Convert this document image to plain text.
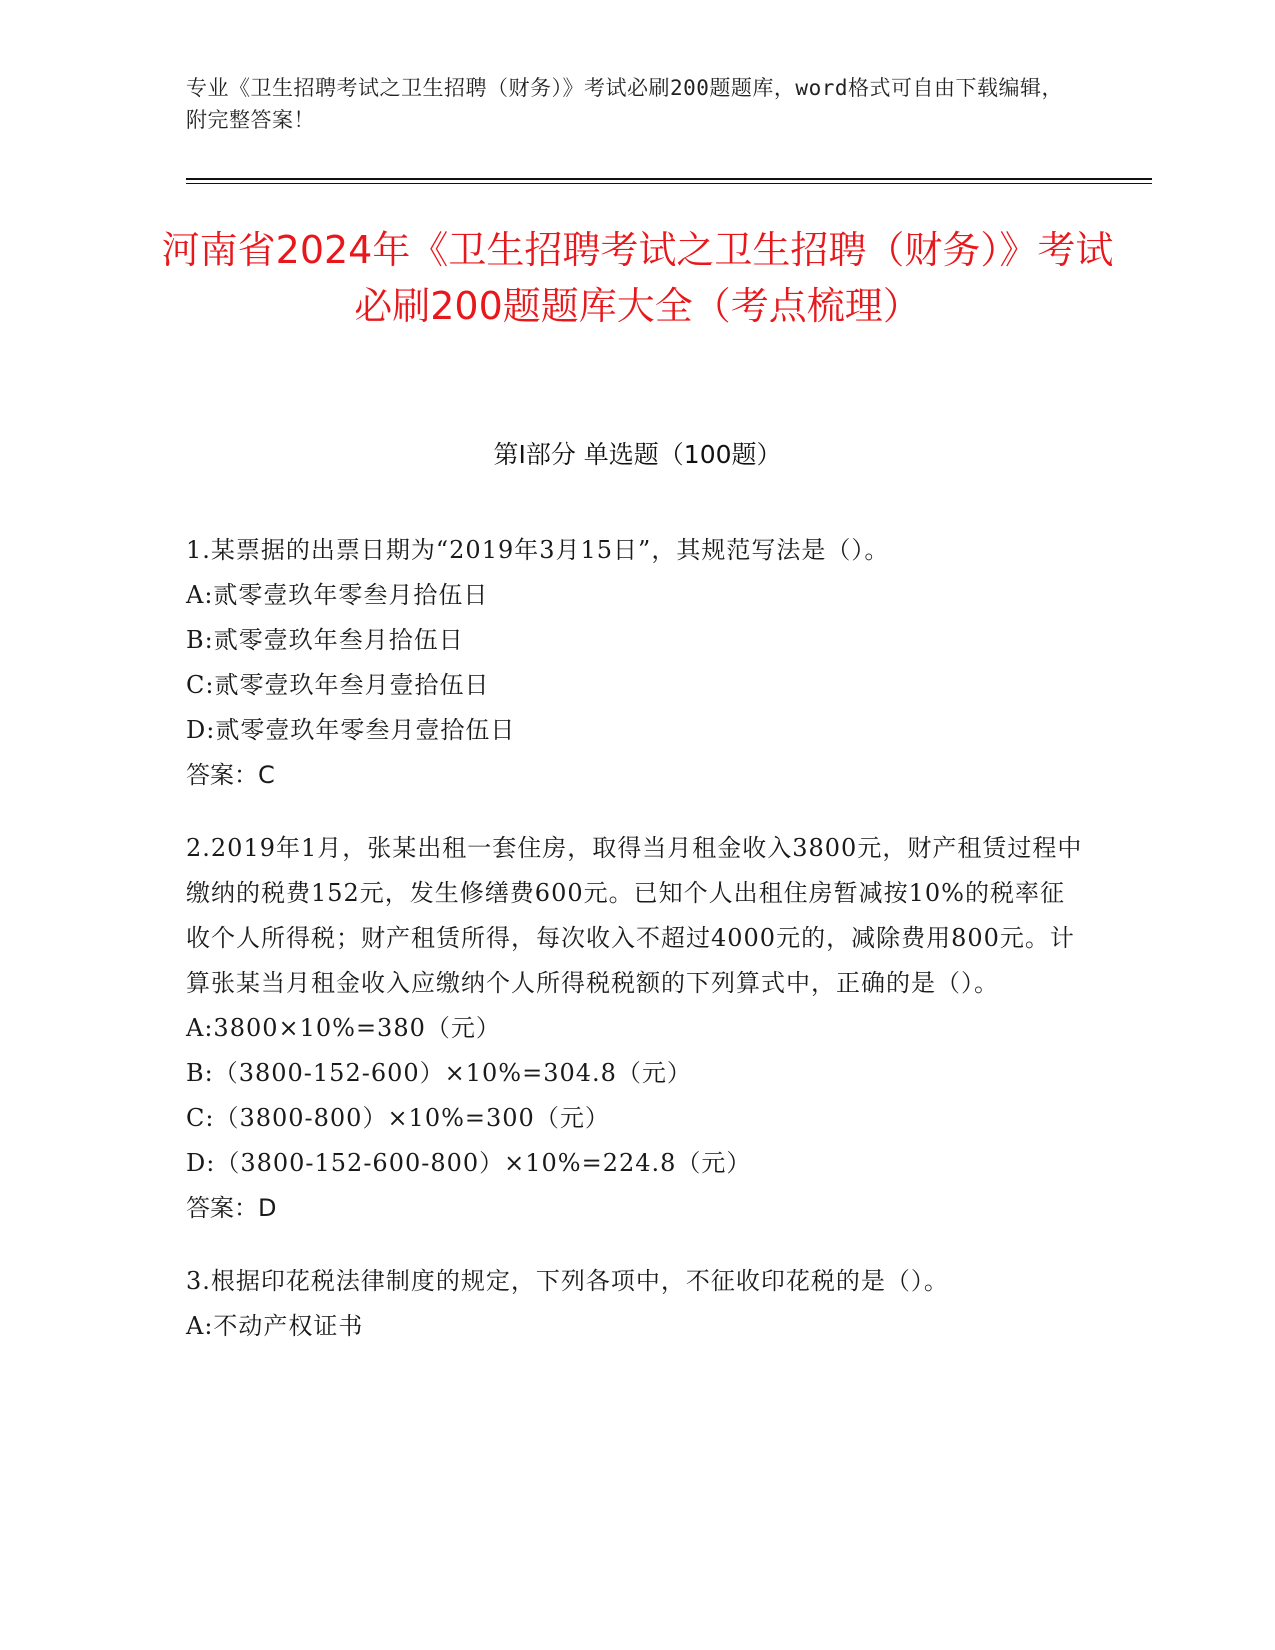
专业《卫生招聘考试之卫生招聘（财务）》考试必刷200题题库，word格式可自由下载编辑，附完整答案！
河南省2024年《卫生招聘考试之卫生招聘（财务）》考试必刷200题题库大全（考点梳理）
第I部分 单选题（100题）

1.某票据的出票日期为“2019年3月15日”，其规范写法是（）。

A:贰零壹玖年零叁月拾伍日

B:贰零壹玖年叁月拾伍日

C:贰零壹玖年叁月壹拾伍日

D:贰零壹玖年零叁月壹拾伍日

答案：C

2.2019年1月，张某出租一套住房，取得当月租金收入3800元，财产租赁过程中缴纳的税费152元，发生修缮费600元。已知个人出租住房暂减按10%的税率征收个人所得税；财产租赁所得，每次收入不超过4000元的，减除费用800元。计算张某当月租金收入应缴纳个人所得税税额的下列算式中，正确的是（）。

A:3800×10%=380（元）

B:（3800-152-600）×10%=304.8（元）

C:（3800-800）×10%=300（元）

D:（3800-152-600-800）×10%=224.8（元）

答案：D

3.根据印花税法律制度的规定，下列各项中，不征收印花税的是（）。

A:不动产权证书
